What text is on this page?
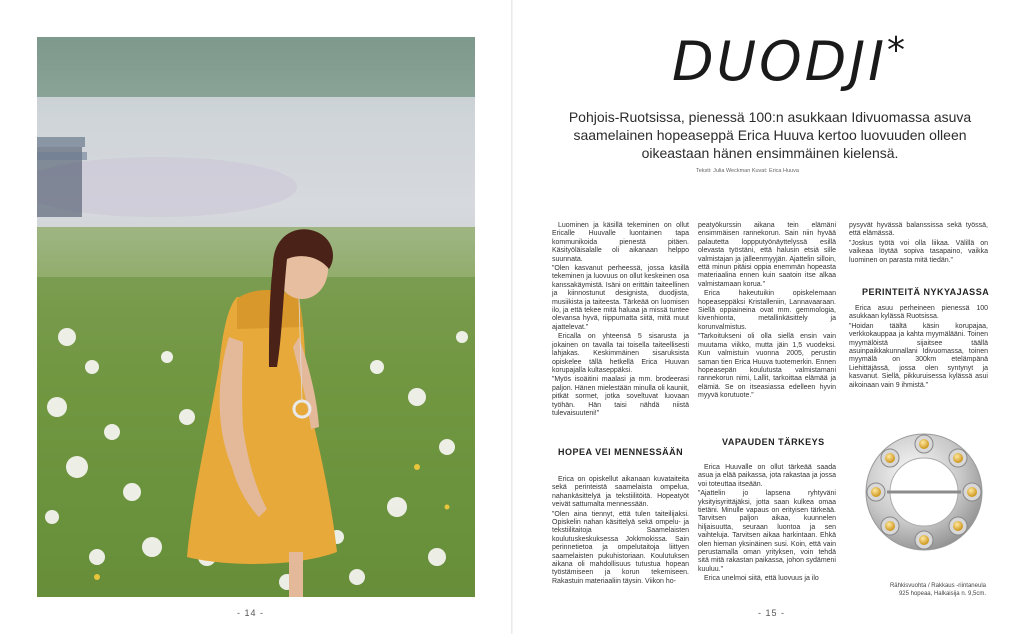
- 14 -
DUODJI*
Pohjois-Ruotsissa, pienessä 100:n asukkaan Idivuomassa asuva saamelainen hopeaseppä Erica Huuva kertoo luovuuden olleen oikeastaan hänen ensimmäinen kielensä.
Teksti: Julia Weckman Kuvat: Erica Huuva

Luominen ja käsillä tekeminen on ollut Ericalle Huuvalle luontainen tapa kommunikoida pienestä pitäen. Käsityöläisalalle oli aikanaan helppo suunnata.

”Olen kasvanut perheessä, jossa käsillä tekeminen ja luovuus on ollut keskeinen osa kanssakäymistä. Isäni on erittäin taiteellinen ja kiinnostunut designista, duodjista, musiikista ja taiteesta. Tärkeää on luomisen ilo, ja että tekee mitä haluaa ja missä tuntee olevansa hyvä, riippumatta siitä, mitä muut ajattelevat.”

Ericalla on yhteensä 5 sisarusta ja jokainen on tavalla tai toisella taiteellisesti lahjakas. Keskimmäinen sisaruksista opiskelee tällä hetkellä Erica Huuvan korupajalla kultaseppäksi.

”Myös isoäitini maalasi ja mm. brodeerasi paljon. Hänen mielestään minulla oli kauniit, pitkät sormet, jotka soveltuvat luovaan työhän. Hän taisi nähdä niistä tulevaisuuteni!”

HOPEA VEI MENNESSÄÄN

Erica on opiskellut aikanaan kuvataiteita sekä perinteistä saamelaista ompelua, nahankäsittelyä ja tekstiilitöitä. Hopeatyöt veivät sattumalta mennessään.

”Olen aina tiennyt, että tulen taiteilijaksi. Opiskelin nahan käsittelyä sekä ompelu- ja tekstiilitaitoja Saamelaisten koulutuskeskuksessa Jokkmokissa. Sain perinnetietoa ja ompelutaitoja liittyen saamelaisten pukuhistoriaan. Koulutuksen aikana oli mahdollisuus tutustua hopean työstämiseen ja korun tekemiseen. Rakastuin materiaaliin täysin. Viikon ho-

peatyökurssin aikana tein elämäni ensimmäisen rannekorun. Sain niin hyvää palautetta loppputyönäyttelyssä esillä olevasta työstäni, että halusin etsiä sille valmistajan ja jälleenmyyjän. Ajattelin silloin, että minun pitäisi oppia enemmän hopeasta materiaalina ennen kuin saatoin itse alkaa valmistamaan korua.”

Erica hakeutuikin opiskelemaan hopeaseppäksi Kristalleniin, Lannavaaraan. Siellä oppiaineina ovat mm. gemmologia, kivenhionta, metallinkäsittely ja korunvalmistus.

”Tarkoitukseni oli olla siellä ensin vain muutama viikko, mutta jäin 1,5 vuodeksi. Kun valmistuin vuonna 2005, perustin saman tien Erica Huuva tuotemerkin. Ennen hopeasepän koulutusta valmistamani rannekorun nimi, Lallit, tarkoittaa elämää ja elämiä. Se on itseasiassa edelleen hyvin myyvä korutuote.”

VAPAUDEN TÄRKEYS

Erica Huuvalle on ollut tärkeää saada asua ja elää paikassa, jota rakastaa ja jossa voi toteuttaa itseään.

”Ajattelin jo lapsena ryhtyväni yksityisyrittäjäksi, jotta saan kulkea omaa tietäni. Minulle vapaus on erityisen tärkeää. Tarvitsen paljon aikaa, kuunnelen hiljaisuutta, seuraan luontoa ja sen vaihteluja. Tarvitsen aikaa harkintaan. Ehkä olen hieman yksinäinen susi. Koin, että vain perustamalla oman yrityksen, voin tehdä sitä mitä rakastan paikassa, johon sydämeni kuuluu.”

Erica unelmoi siitä, että luovuus ja ilo

pysyvät hyvässä balanssissa sekä työssä, että elämässä.

”Joskus työtä voi olla liikaa. Välillä on vaikeaa löytää sopiva tasapaino, vaikka luominen on parasta mitä tiedän.”

PERINTEITÄ NYKYAJASSA

Erica asuu perheineen pienessä 100 asukkaan kylässä Ruotsissa.

”Hoidan täältä käsin korupajaa, verkkokauppaa ja kahta myymälääni. Toinen myymälöistä sijaitsee täällä asuinpaikkakunnallani Idivuomassa, toinen myymälä on 300km etelämpänä Liehittäjässä, jossa olen syntynyt ja kasvanut. Siellä, pikkuruisessa kylässä asui aikoinaan vain 9 ihmistä.”

Rähkisvuohta / Rakkaus -riintaneula
925 hopeaa, Halkaisija n. 9,5cm.
- 15 -
